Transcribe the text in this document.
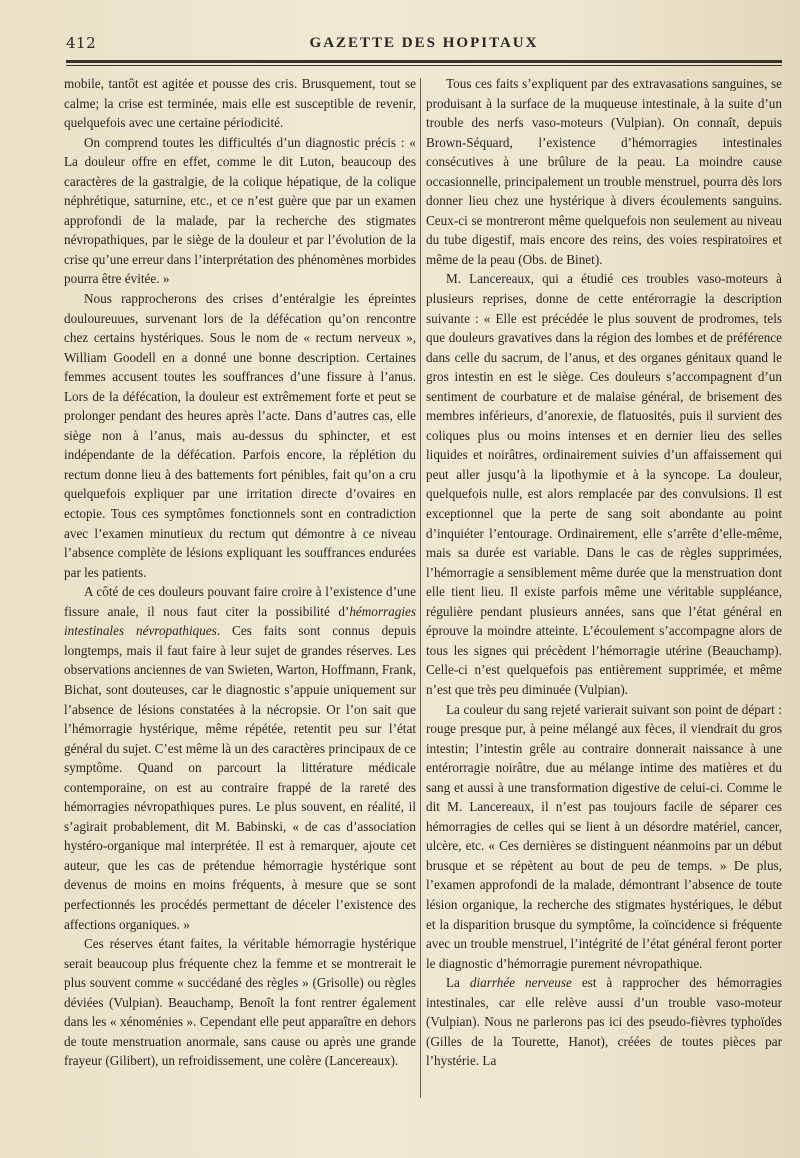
412	GAZETTE DES HOPITAUX

mobile, tantôt est agitée et pousse des cris. Brusquement, tout se calme; la crise est terminée, mais elle est susceptible de revenir, quelquefois avec une certaine périodicité.

On comprend toutes les difficultés d’un diagnostic précis : « La douleur offre en effet, comme le dit Luton, beaucoup des caractères de la gastralgie, de la colique hépatique, de la colique néphrétique, saturnine, etc., et ce n’est guère que par un examen approfondi de la malade, par la recherche des stigmates névropathiques, par le siège de la douleur et par l’évolution de la crise qu’une erreur dans l’interprétation des phénomènes morbides pourra être évitée. »

Nous rapprocherons des crises d’entéralgie les épreintes douloureuues, survenant lors de la défécation qu’on rencontre chez certains hystériques. Sous le nom de « rectum nerveux », William Goodell en a donné une bonne description. Certaines femmes accusent toutes les souffrances d’une fissure à l’anus. Lors de la défécation, la douleur est extrêmement forte et peut se prolonger pendant des heures après l’acte. Dans d’autres cas, elle siège non à l’anus, mais au-dessus du sphincter, et est indépendante de la défécation. Parfois encore, la réplétion du rectum donne lieu à des battements fort pénibles, fait qu’on a cru quelquefois expliquer par une irritation directe d’ovaires en ectopie. Tous ces symptômes fonctionnels sont en contradiction avec l’examen minutieux du rectum qut démontre à ce niveau l’absence complète de lésions expliquant les souffrances endurées par les patients.

A côté de ces douleurs pouvant faire croire à l’existence d’une fissure anale, il nous faut citer la possibilité d’hémorragies intestinales névropathiques. Ces faits sont connus depuis longtemps, mais il faut faire à leur sujet de grandes réserves. Les observations anciennes de van Swieten, Warton, Hoffmann, Frank, Bichat, sont douteuses, car le diagnostic s’appuie uniquement sur l’absence de lésions constatées à la nécropsie. Or l’on sait que l’hémorragie hystérique, même répétée, retentit peu sur l’état général du sujet. C’est même là un des caractères principaux de ce symptôme. Quand on parcourt la littérature médicale contemporaine, on est au contraire frappé de la rareté des hémorragies névropathiques pures. Le plus souvent, en réalité, il s’agirait probablement, dit M. Babinski, « de cas d’association hystéro-organique mal interprétée. Il est à remarquer, ajoute cet auteur, que les cas de prétendue hémorragie hystérique sont devenus de moins en moins fréquents, à mesure que se sont perfectionnés les procédés permettant de déceler l’existence des affections organiques. »

Ces réserves étant faites, la véritable hémorragie hystérique serait beaucoup plus fréquente chez la femme et se montrerait le plus souvent comme « succédané des règles » (Grisolle) ou règles déviées (Vulpian). Beauchamp, Benoît la font rentrer également dans les « xénoménies ». Cependant elle peut apparaître en dehors de toute menstruation anormale, sans cause ou après une grande frayeur (Gilibert), un refroidissement, une colère (Lancereaux).

Tous ces faits s’expliquent par des extravasations sanguines, se produisant à la surface de la muqueuse intestinale, à la suite d’un trouble des nerfs vaso-moteurs (Vulpian). On connaît, depuis Brown-Séquard, l’existence d’hémorragies intestinales consécutives à une brûlure de la peau. La moindre cause occasionnelle, principalement un trouble menstruel, pourra dès lors donner lieu chez une hystérique à divers écoulements sanguins. Ceux-ci se montreront même quelquefois non seulement au niveau du tube digestif, mais encore des reins, des voies respiratoires et même de la peau (Obs. de Binet).

M. Lancereaux, qui a étudié ces troubles vaso-moteurs à plusieurs reprises, donne de cette entérorragie la description suivante : « Elle est précédée le plus souvent de prodromes, tels que douleurs gravatives dans la région des lombes et de préférence dans celle du sacrum, de l’anus, et des organes génitaux quand le gros intestin en est le siège. Ces douleurs s’accompagnent d’un sentiment de courbature et de malaise général, de brisement des membres inférieurs, d’anorexie, de flatuosités, puis il survient des coliques plus ou moins intenses et en dernier lieu des selles liquides et noirâtres, ordinairement suivies d’un affaissement qui peut aller jusqu’à la lipothymie et à la syncope. La douleur, quelquefois nulle, est alors remplacée par des convulsions. Il est exceptionnel que la perte de sang soit abondante au point d’inquiéter l’entourage. Ordinairement, elle s’arrête d’elle-même, mais sa durée est variable. Dans le cas de règles supprimées, l’hémorragie a sensiblement même durée que la menstruation dont elle tient lieu. Il existe parfois même une véritable suppléance, régulière pendant plusieurs années, sans que l’état général en éprouve la moindre atteinte. L’écoulement s’accompagne alors de tous les signes qui précèdent l’hémorragie utérine (Beauchamp). Celle-ci n’est quelquefois pas entièrement supprimée, et même n’est que très peu diminuée (Vulpian).

La couleur du sang rejeté varierait suivant son point de départ : rouge presque pur, à peine mélangé aux fèces, il viendrait du gros intestin; l’intestin grêle au contraire donnerait naissance à une entérorragie noirâtre, due au mélange intime des matières et du sang et aussi à une transformation digestive de celui-ci. Comme le dit M. Lancereaux, il n’est pas toujours facile de séparer ces hémorragies de celles qui se lient à un désordre matériel, cancer, ulcère, etc. « Ces dernières se distinguent néanmoins par un début brusque et se répètent au bout de peu de temps. » De plus, l’examen approfondi de la malade, démontrant l’absence de toute lésion organique, la recherche des stigmates hystériques, le début et la disparition brusque du symptôme, la coïncidence si fréquente avec un trouble menstruel, l’intégrité de l’état général feront porter le diagnostic d’hémorragie purement névropathique.

La diarrhée nerveuse est à rapprocher des hémorragies intestinales, car elle relève aussi d’un trouble vaso-moteur (Vulpian). Nous ne parlerons pas ici des pseudo-fièvres typhoïdes (Gilles de la Tourette, Hanot), créées de toutes pièces par l’hystérie. La
